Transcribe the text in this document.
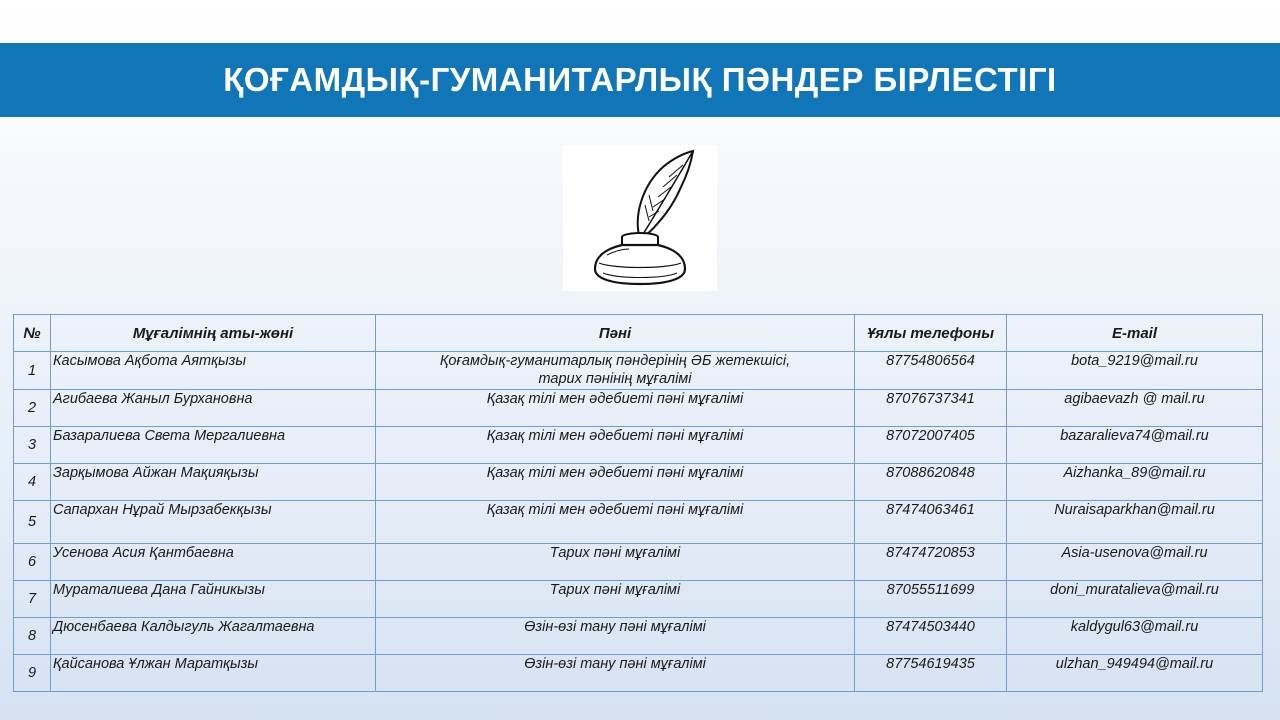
ҚОҒАМДЫҚ-ГУМАНИТАРЛЫҚ ПӘНДЕР БІРЛЕСТІГІ
№	Мұғалімнің аты-жөні	Пәні	Ұялы телефоны	E-mail
1	Касымова Ақбота Аятқызы	Қоғамдық-гуманитарлық пәндерінің ӘБ жетекшісі,
тарих пәнінің мұғалімі	87754806564	bota_9219@mail.ru
2	Агибаева Жаныл Бурхановна	Қазақ тілі мен әдебиеті пәні мұғалімі	87076737341	agibaevazh @ mail.ru
3	Базаралиева Света Мергалиевна	Қазақ тілі мен әдебиеті пәні мұғалімі	87072007405	bazaralieva74@mail.ru
4	Зарқымова Айжан Мақияқызы	Қазақ тілі мен әдебиеті пәні мұғалімі	87088620848	Aizhanka_89@mail.ru
5	Сапархан Нұрай Мырзабекқызы	Қазақ тілі мен әдебиеті пәні мұғалімі	87474063461	Nuraisaparkhan@mail.ru
6	Усенова Асия Қантбаевна	Тарих пәні мұғалімі	87474720853	Asia-usenova@mail.ru
7	Мураталиева Дана Гайникызы	Тарих пәні мұғалімі	87055511699	doni_muratalieva@mail.ru
8	Дюсенбаева Калдыгуль Жагалтаевна	Өзін-өзі тану пәні мұғалімі	87474503440	kaldygul63@mail.ru
9	Қайсанова Ұлжан Маратқызы	Өзін-өзі тану пәні мұғалімі	87754619435	ulzhan_949494@mail.ru
